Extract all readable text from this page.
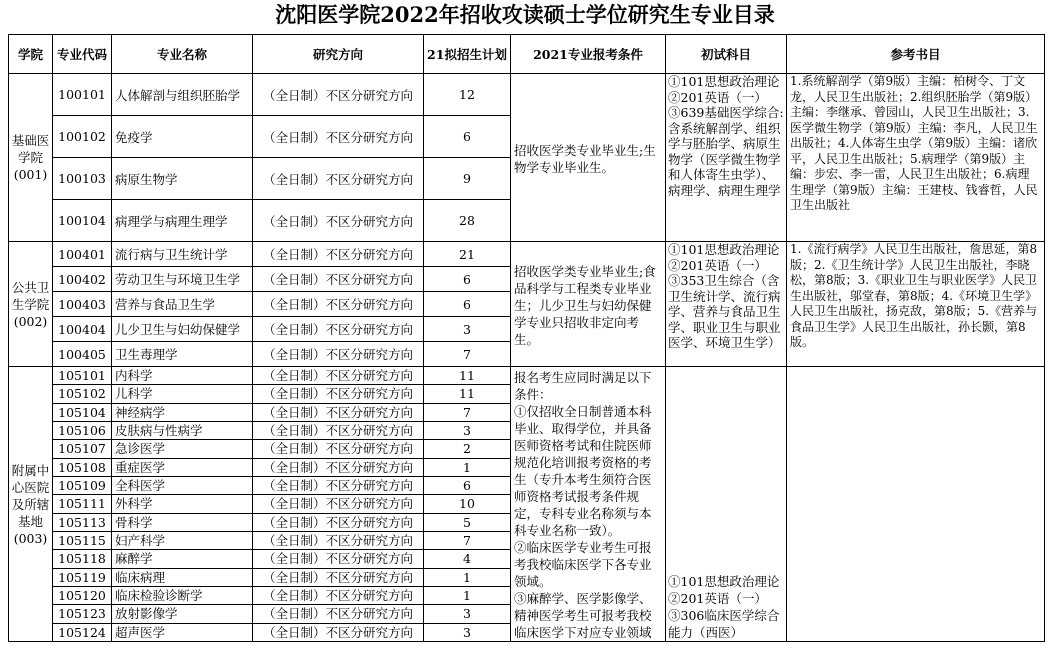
沈阳医学院2022年招收攻读硕士学位研究生专业目录
学院	专业代码	专业名称	研究方向	21拟招生计划	2021专业报考条件	初试科目	参考书目
基础医学院(001)	100101	人体解剖与组织胚胎学	（全日制）不区分研究方向	12	招收医学类专业毕业生;生物学专业毕业生。	①101思想政治理论
②201英语（一）
③639基础医学综合:
含系统解剖学、组织学与胚胎学、病原生物学（医学微生物学和人体寄生虫学）、病理学、病理生理学	1.系统解剖学（第9版）主编：柏树令、丁文龙，人民卫生出版社；2.组织胚胎学（第9版）主编：李继承、曾园山，人民卫生出版社；3.医学微生物学（第9版）主编：李凡，人民卫生出版社；4.人体寄生虫学（第9版）主编：诸欣平，人民卫生出版社；5.病理学（第9版）主编：步宏、李一雷，人民卫生出版社；6.病理生理学（第9版）主编：王建枝、钱睿哲，人民卫生出版社
	100102	免疫学	（全日制）不区分研究方向	6			
	100103	病原生物学	（全日制）不区分研究方向	9			
	100104	病理学与病理生理学	（全日制）不区分研究方向	28			
公共卫生学院(002)	100401	流行病与卫生统计学	（全日制）不区分研究方向	21	招收医学类专业毕业生;食品科学与工程类专业毕业生；儿少卫生与妇幼保健学专业只招收非定向考生。	①101思想政治理论
②201英语（一）
③353卫生综合（含卫生统计学、流行病学、营养与食品卫生学、职业卫生与职业医学、环境卫生学）	1.《流行病学》人民卫生出版社，詹思延，第8版；2.《卫生统计学》人民卫生出版社，李晓松，第8版；3.《职业卫生与职业医学》人民卫生出版社，邬堂春，第8版；4.《环境卫生学》人民卫生出版社，扬克敌，第8版；5.《营养与食品卫生学》人民卫生出版社，孙长颢，第8版。
	100402	劳动卫生与环境卫生学	（全日制）不区分研究方向	6			
	100403	营养与食品卫生学	（全日制）不区分研究方向	6			
	100404	儿少卫生与妇幼保健学	（全日制）不区分研究方向	3			
	100405	卫生毒理学	（全日制）不区分研究方向	7			
附属中心医院及所辖基地(003)	105101	内科学	（全日制）不区分研究方向	11	报名考生应同时满足以下条件：
①仅招收全日制普通本科毕业、取得学位，并具备医师资格考试和住院医师规范化培训报考资格的考生（专升本考生须符合医师资格考试报考条件规定，专科专业名称须与本科专业名称一致）。
②临床医学专业考生可报考我校临床医学下各专业领域。
③麻醉学、医学影像学、精神医学考生可报考我校临床医学下对应专业领域	①101思想政治理论
②201英语（一）
③306临床医学综合能力（西医）	
	105102	儿科学	（全日制）不区分研究方向	11			
	105104	神经病学	（全日制）不区分研究方向	7			
	105106	皮肤病与性病学	（全日制）不区分研究方向	3			
	105107	急诊医学	（全日制）不区分研究方向	2			
	105108	重症医学	（全日制）不区分研究方向	1			
	105109	全科医学	（全日制）不区分研究方向	6			
	105111	外科学	（全日制）不区分研究方向	10			
	105113	骨科学	（全日制）不区分研究方向	5			
	105115	妇产科学	（全日制）不区分研究方向	7			
	105118	麻醉学	（全日制）不区分研究方向	4			
	105119	临床病理	（全日制）不区分研究方向	1			
	105120	临床检验诊断学	（全日制）不区分研究方向	1			
	105123	放射影像学	（全日制）不区分研究方向	3			
	105124	超声医学	（全日制）不区分研究方向	3			
